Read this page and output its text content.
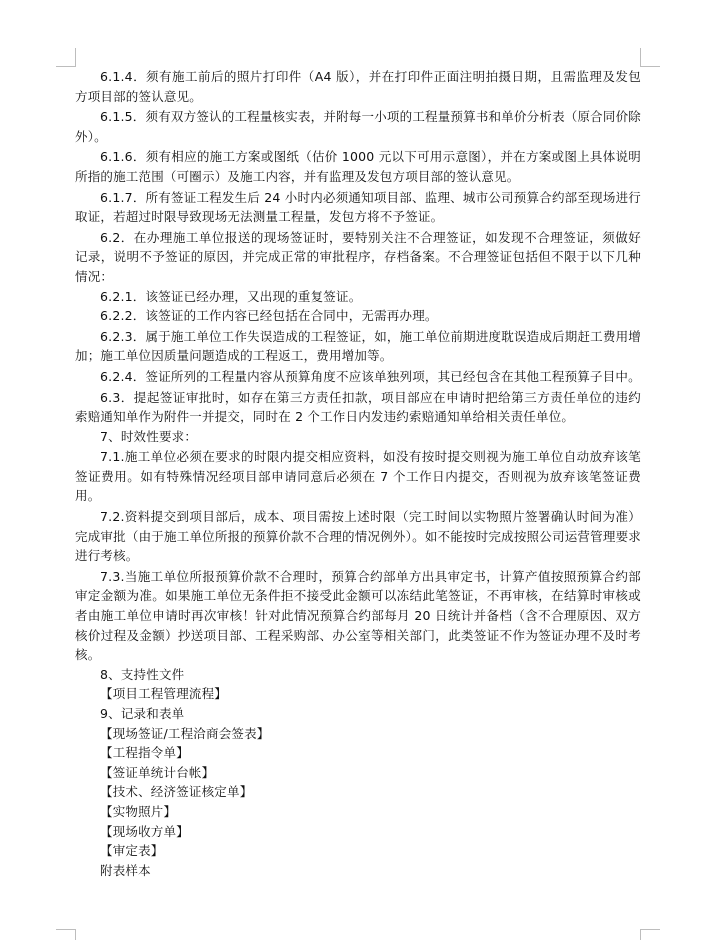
6.1.4．须有施工前后的照片打印件（A4 版），并在打印件正面注明拍摄日期，且需监理及发包方项目部的签认意见。

6.1.5．须有双方签认的工程量核实表，并附每一小项的工程量预算书和单价分析表（原合同价除外）。

6.1.6．须有相应的施工方案或图纸（估价 1000 元以下可用示意图），并在方案或图上具体说明所指的施工范围（可圈示）及施工内容，并有监理及发包方项目部的签认意见。

6.1.7．所有签证工程发生后 24 小时内必须通知项目部、监理、城市公司预算合约部至现场进行取证，若超过时限导致现场无法测量工程量，发包方将不予签证。

6.2．在办理施工单位报送的现场签证时，要特别关注不合理签证，如发现不合理签证，须做好记录，说明不予签证的原因，并完成正常的审批程序，存档备案。不合理签证包括但不限于以下几种情况：

6.2.1．该签证已经办理，又出现的重复签证。

6.2.2．该签证的工作内容已经包括在合同中，无需再办理。

6.2.3．属于施工单位工作失误造成的工程签证，如，施工单位前期进度耽误造成后期赶工费用增加；施工单位因质量问题造成的工程返工，费用增加等。

6.2.4．签证所列的工程量内容从预算角度不应该单独列项，其已经包含在其他工程预算子目中。

6.3．提起签证审批时，如存在第三方责任扣款，项目部应在申请时把给第三方责任单位的违约索赔通知单作为附件一并提交，同时在 2 个工作日内发违约索赔通知单给相关责任单位。

7、时效性要求：

7.1.施工单位必须在要求的时限内提交相应资料，如没有按时提交则视为施工单位自动放弃该笔签证费用。如有特殊情况经项目部申请同意后必须在 7 个工作日内提交，否则视为放弃该笔签证费用。

7.2.资料提交到项目部后，成本、项目需按上述时限（完工时间以实物照片签署确认时间为准）完成审批（由于施工单位所报的预算价款不合理的情况例外）。如不能按时完成按照公司运营管理要求进行考核。

7.3.当施工单位所报预算价款不合理时，预算合约部单方出具审定书，计算产值按照预算合约部审定金额为准。如果施工单位无条件拒不接受此金额可以冻结此笔签证，不再审核，在结算时审核或者由施工单位申请时再次审核！针对此情况预算合约部每月 20 日统计并备档（含不合理原因、双方核价过程及金额）抄送项目部、工程采购部、办公室等相关部门，此类签证不作为签证办理不及时考核。

8、支持性文件
【项目工程管理流程】
9、记录和表单
【现场签证/工程洽商会签表】
【工程指令单】
【签证单统计台帐】
【技术、经济签证核定单】
【实物照片】
【现场收方单】
【审定表】
附表样本
